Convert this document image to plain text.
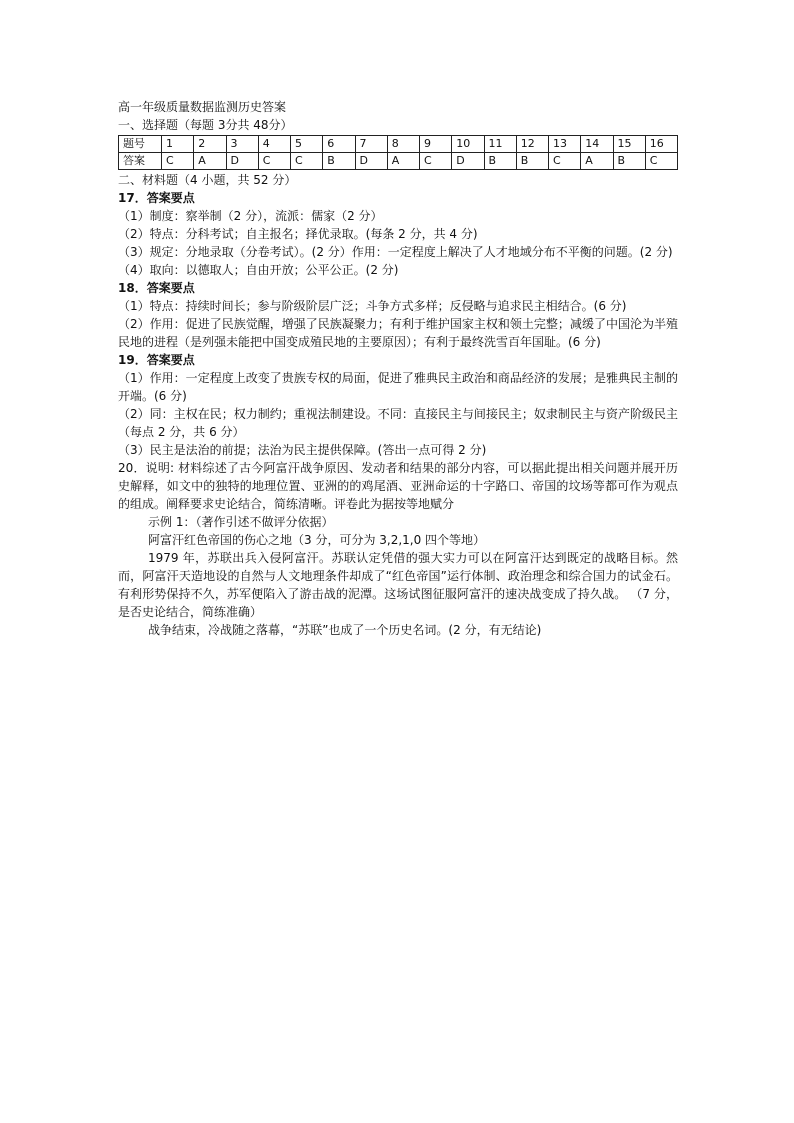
高一年级质量数据监测历史答案
一、选择题（每题 3分共 48分）
题号	1	2	3	4	5	6	7	8	9	10	11	12	13	14	15	16
答案	C	A	D	C	C	B	D	A	C	D	B	B	C	A	B	C
二、材料题（4 小题，共 52 分）
17．答案要点
（1）制度：察举制（2 分），流派：儒家（2 分）
（2）特点：分科考试；自主报名；择优录取。(每条 2 分，共 4 分)
（3）规定：分地录取（分卷考试）。(2 分）作用：一定程度上解决了人才地域分布不平衡的问题。(2 分)
（4）取向：以德取人；自由开放；公平公正。(2 分)
18．答案要点
（1）特点：持续时间长；参与阶级阶层广泛；斗争方式多样；反侵略与追求民主相结合。(6 分)
（2）作用：促进了民族觉醒，增强了民族凝聚力；有利于维护国家主权和领土完整；减缓了中国沦为半殖民地的进程（是列强未能把中国变成殖民地的主要原因）；有利于最终洗雪百年国耻。(6 分)
19．答案要点
（1）作用：一定程度上改变了贵族专权的局面，促进了雅典民主政治和商品经济的发展；是雅典民主制的开端。(6 分)
（2）同：主权在民；权力制约；重视法制建设。不同：直接民主与间接民主；奴隶制民主与资产阶级民主（每点 2 分，共 6 分）
（3）民主是法治的前提；法治为民主提供保障。(答出一点可得 2 分)
20．说明: 材料综述了古今阿富汗战争原因、发动者和结果的部分内容，可以据此提出相关问题并展开历史解释，如文中的独特的地理位置、亚洲的的鸡尾酒、亚洲命运的十字路口、帝国的坟场等都可作为观点的组成。阐释要求史论结合，简练清晰。评卷此为据按等地赋分
示例 1：（著作引述不做评分依据）
阿富汗红色帝国的伤心之地（3 分，可分为 3,2,1,0 四个等地）
1979 年，苏联出兵入侵阿富汗。苏联认定凭借的强大实力可以在阿富汗达到既定的战略目标。然而，阿富汗天造地设的自然与人文地理条件却成了“红色帝国”运行体制、政治理念和综合国力的试金石。有利形势保持不久，苏军便陷入了游击战的泥潭。这场试图征服阿富汗的速决战变成了持久战。 （7 分，是否史论结合，简练准确）
战争结束，冷战随之落幕，“苏联”也成了一个历史名词。(2 分，有无结论)
